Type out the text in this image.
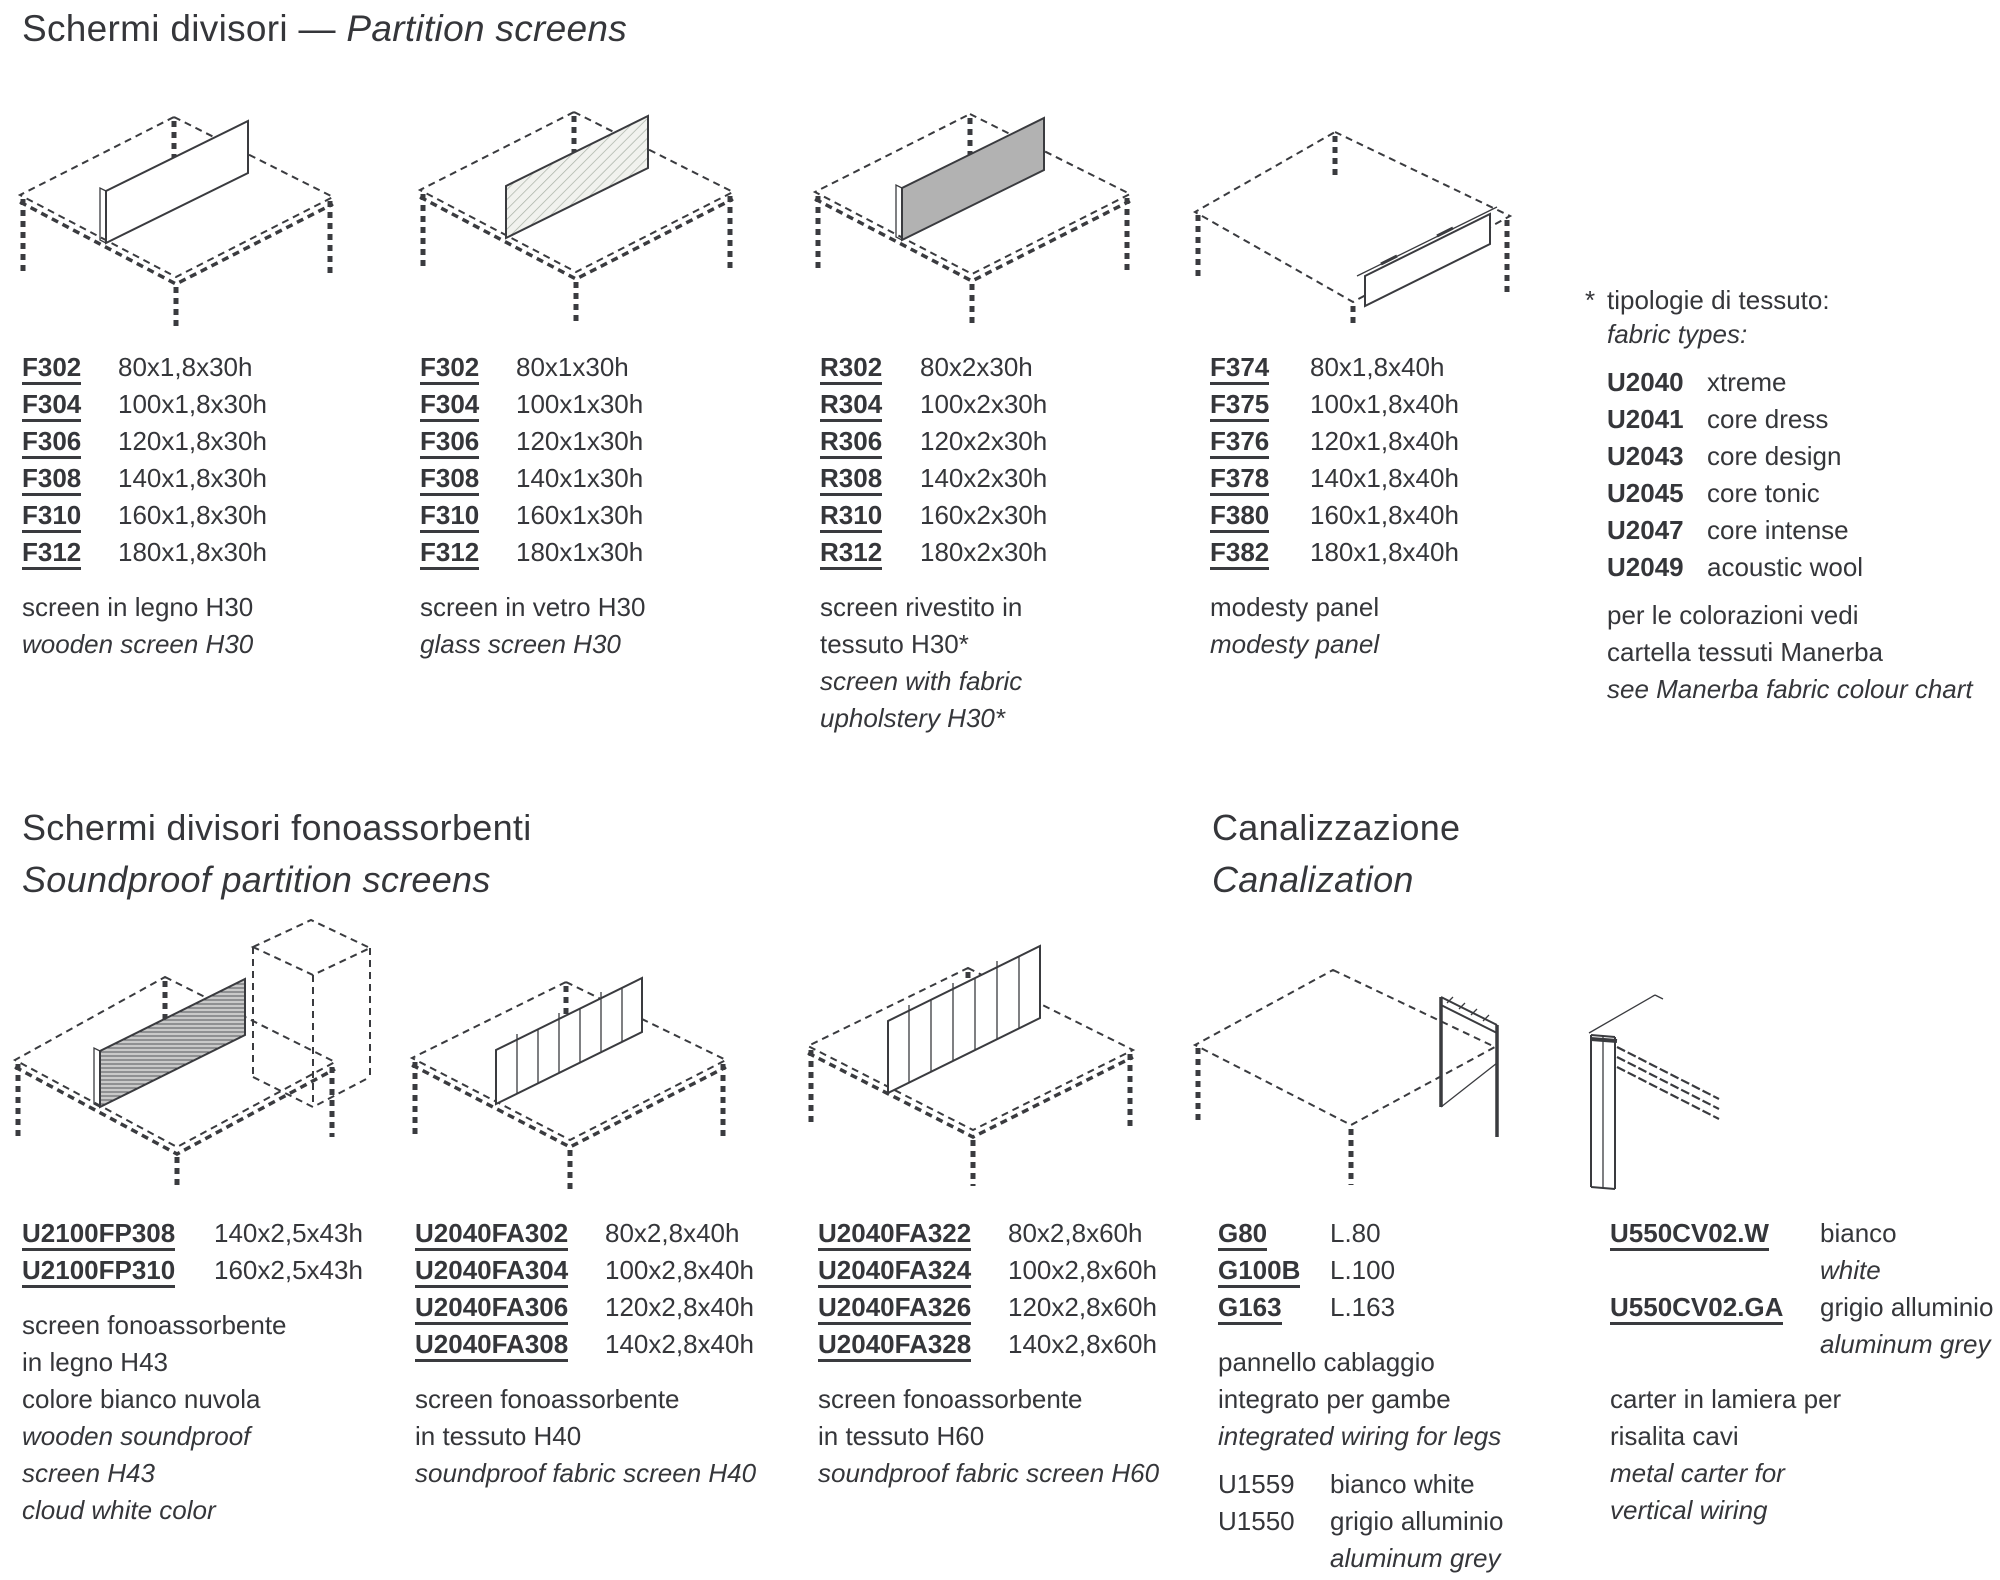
Schermi divisori — Partition screens
F302	80x1,8x30h
F304	100x1,8x30h
F306	120x1,8x30h
F308	140x1,8x30h
F310	160x1,8x30h
F312	180x1,8x30h
screen in legno H30
wooden screen H30
F302	80x1x30h
F304	100x1x30h
F306	120x1x30h
F308	140x1x30h
F310	160x1x30h
F312	180x1x30h
screen in vetro H30
glass screen H30
R302	80x2x30h
R304	100x2x30h
R306	120x2x30h
R308	140x2x30h
R310	160x2x30h
R312	180x2x30h
screen rivestito in
tessuto H30*
screen with fabric
upholstery H30*
F374	80x1,8x40h
F375	100x1,8x40h
F376	120x1,8x40h
F378	140x1,8x40h
F380	160x1,8x40h
F382	180x1,8x40h
modesty panel
modesty panel
* tipologie di tessuto:
fabric types:
U2040 xtreme
U2041 core dress
U2043 core design
U2045 core tonic
U2047 core intense
U2049 acoustic wool
per le colorazioni vedi
cartella tessuti Manerba
see Manerba fabric colour chart
Schermi divisori fonoassorbenti
Soundproof partition screens
Canalizzazione
Canalization
U2100FP308	140x2,5x43h
U2100FP310	160x2,5x43h
screen fonoassorbente
in legno H43
colore bianco nuvola
wooden soundproof
screen H43
cloud white color
U2040FA302	80x2,8x40h
U2040FA304	100x2,8x40h
U2040FA306	120x2,8x40h
U2040FA308	140x2,8x40h
screen fonoassorbente
in tessuto H40
soundproof fabric screen H40
U2040FA322	80x2,8x60h
U2040FA324	100x2,8x60h
U2040FA326	120x2,8x60h
U2040FA328	140x2,8x60h
screen fonoassorbente
in tessuto H60
soundproof fabric screen H60
G80	L.80
G100B	L.100
G163	L.163
pannello cablaggio
integrato per gambe
integrated wiring for legs
U1559	bianco white
U1550	grigio alluminio
aluminum grey
U550CV02.W	bianco
white
U550CV02.GA	grigio alluminio
aluminum grey
carter in lamiera per
risalita cavi
metal carter for
vertical wiring
